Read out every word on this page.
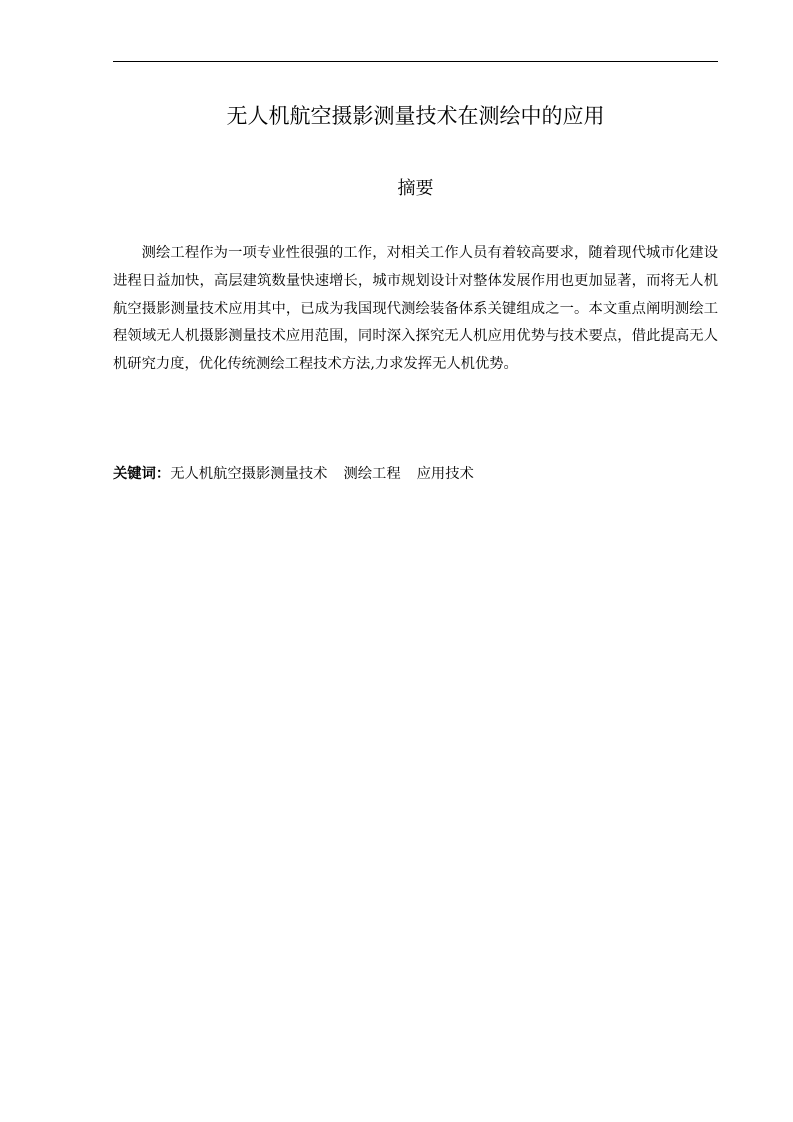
无人机航空摄影测量技术在测绘中的应用
摘要

测绘工程作为一项专业性很强的工作，对相关工作人员有着较高要求，随着现代城市化建设进程日益加快，高层建筑数量快速增长，城市规划设计对整体发展作用也更加显著，而将无人机航空摄影测量技术应用其中，已成为我国现代测绘装备体系关键组成之一。本文重点阐明测绘工程领域无人机摄影测量技术应用范围，同时深入探究无人机应用优势与技术要点，借此提高无人机研究力度，优化传统测绘工程技术方法,力求发挥无人机优势。

关键词：无人机航空摄影测量技术 测绘工程 应用技术
